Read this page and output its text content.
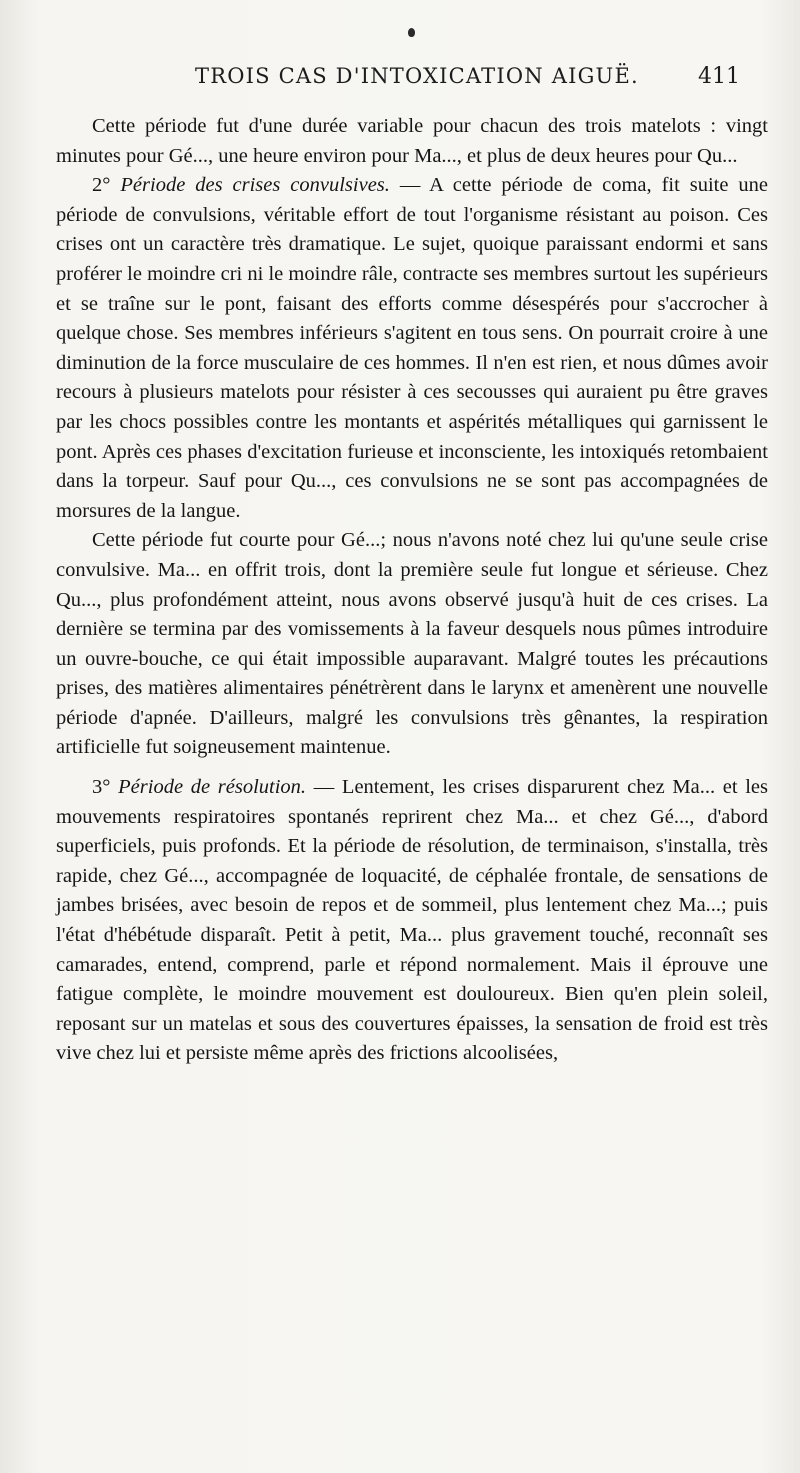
TROIS CAS D'INTOXICATION AIGUË.	411

Cette période fut d'une durée variable pour chacun des trois matelots : vingt minutes pour Gé..., une heure environ pour Ma..., et plus de deux heures pour Qu...

2° Période des crises convulsives. — A cette période de coma, fit suite une période de convulsions, véritable effort de tout l'organisme résistant au poison. Ces crises ont un caractère très dramatique. Le sujet, quoique paraissant endormi et sans proférer le moindre cri ni le moindre râle, contracte ses membres surtout les supérieurs et se traîne sur le pont, faisant des efforts comme désespérés pour s'accrocher à quelque chose. Ses membres inférieurs s'agitent en tous sens. On pourrait croire à une diminution de la force musculaire de ces hommes. Il n'en est rien, et nous dûmes avoir recours à plusieurs matelots pour résister à ces secousses qui auraient pu être graves par les chocs possibles contre les montants et aspérités métalliques qui garnissent le pont. Après ces phases d'excitation furieuse et inconsciente, les intoxiqués retombaient dans la torpeur. Sauf pour Qu..., ces convulsions ne se sont pas accompagnées de morsures de la langue.

Cette période fut courte pour Gé...; nous n'avons noté chez lui qu'une seule crise convulsive. Ma... en offrit trois, dont la première seule fut longue et sérieuse. Chez Qu..., plus profondément atteint, nous avons observé jusqu'à huit de ces crises. La dernière se termina par des vomissements à la faveur desquels nous pûmes introduire un ouvre-bouche, ce qui était impossible auparavant. Malgré toutes les précautions prises, des matières alimentaires pénétrèrent dans le larynx et amenèrent une nouvelle période d'apnée. D'ailleurs, malgré les convulsions très gênantes, la respiration artificielle fut soigneusement maintenue.

3° Période de résolution. — Lentement, les crises disparurent chez Ma... et les mouvements respiratoires spontanés reprirent chez Ma... et chez Gé..., d'abord superficiels, puis profonds. Et la période de résolution, de terminaison, s'installa, très rapide, chez Gé..., accompagnée de loquacité, de céphalée frontale, de sensations de jambes brisées, avec besoin de repos et de sommeil, plus lentement chez Ma...; puis l'état d'hébétude disparaît. Petit à petit, Ma... plus gravement touché, reconnaît ses camarades, entend, comprend, parle et répond normalement. Mais il éprouve une fatigue complète, le moindre mouvement est douloureux. Bien qu'en plein soleil, reposant sur un matelas et sous des couvertures épaisses, la sensation de froid est très vive chez lui et persiste même après des frictions alcoolisées,
